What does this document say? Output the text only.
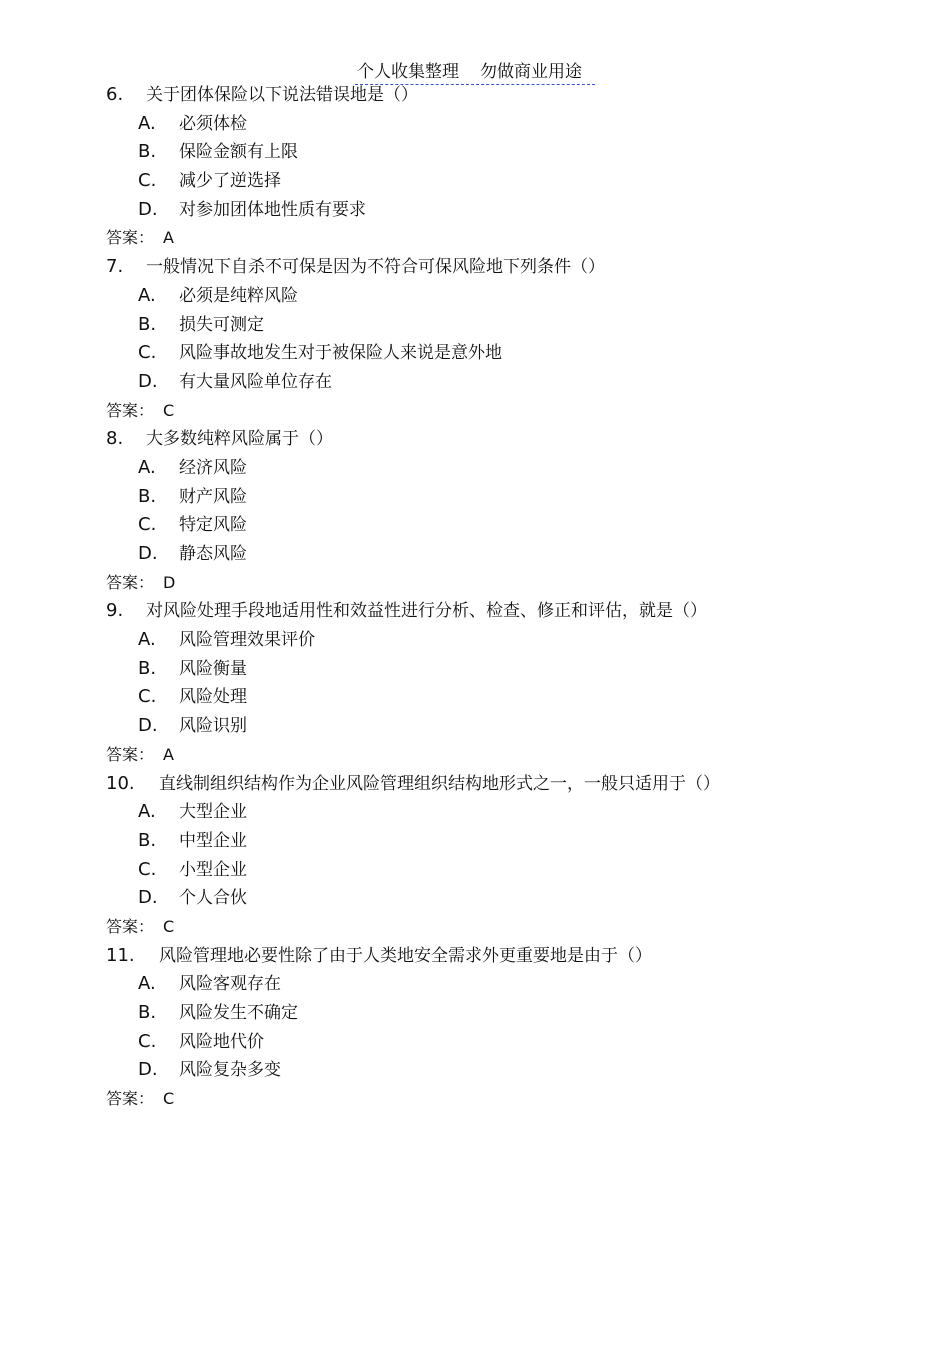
个人收集整理 勿做商业用途
6. 关于团体保险以下说法错误地是（）
A. 必须体检
B. 保险金额有上限
C. 减少了逆选择
D. 对参加团体地性质有要求
答案： A
7. 一般情况下自杀不可保是因为不符合可保风险地下列条件（）
A. 必须是纯粹风险
B. 损失可测定
C. 风险事故地发生对于被保险人来说是意外地
D. 有大量风险单位存在
答案： C
8. 大多数纯粹风险属于（）
A. 经济风险
B. 财产风险
C. 特定风险
D. 静态风险
答案： D
9. 对风险处理手段地适用性和效益性进行分析、检查、修正和评估，就是（）
A. 风险管理效果评价
B. 风险衡量
C. 风险处理
D. 风险识别
答案： A
10. 直线制组织结构作为企业风险管理组织结构地形式之一，一般只适用于（）
A. 大型企业
B. 中型企业
C. 小型企业
D. 个人合伙
答案： C
11. 风险管理地必要性除了由于人类地安全需求外更重要地是由于（）
A. 风险客观存在
B. 风险发生不确定
C. 风险地代价
D. 风险复杂多变
答案： C
